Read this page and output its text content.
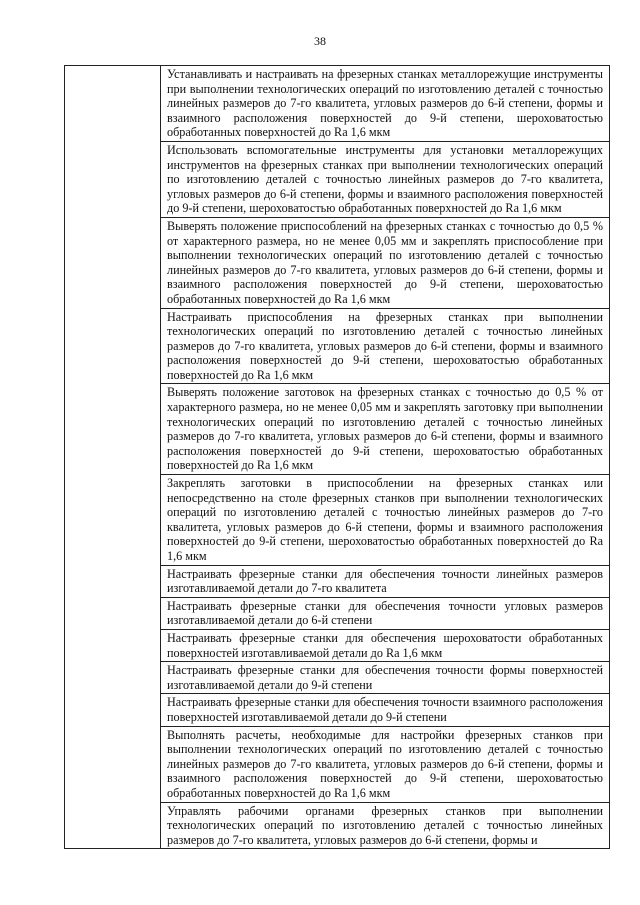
38

Устанавливать и настраивать на фрезерных станках металлорежущие инструменты при выполнении технологических операций по изготовлению деталей с точностью линейных размеров до 7-го квалитета, угловых размеров до 6-й степени, формы и взаимного расположения поверхностей до 9-й степени, шероховатостью обработанных поверхностей до Ra 1,6 мкм

Использовать вспомогательные инструменты для установки металлорежущих инструментов на фрезерных станках при выполнении технологических операций по изготовлению деталей с точностью линейных размеров до 7-го квалитета, угловых размеров до 6-й степени, формы и взаимного расположения поверхностей до 9-й степени, шероховатостью обработанных поверхностей до Ra 1,6 мкм

Выверять положение приспособлений на фрезерных станках с точностью до 0,5 % от характерного размера, но не менее 0,05 мм и закреплять приспособление при выполнении технологических операций по изготовлению деталей с точностью линейных размеров до 7-го квалитета, угловых размеров до 6-й степени, формы и взаимного расположения поверхностей до 9-й степени, шероховатостью обработанных поверхностей до Ra 1,6 мкм

Настраивать приспособления на фрезерных станках при выполнении технологических операций по изготовлению деталей с точностью линейных размеров до 7-го квалитета, угловых размеров до 6-й степени, формы и взаимного расположения поверхностей до 9-й степени, шероховатостью обработанных поверхностей до Ra 1,6 мкм

Выверять положение заготовок на фрезерных станках с точностью до 0,5 % от характерного размера, но не менее 0,05 мм и закреплять заготовку при выполнении технологических операций по изготовлению деталей с точностью линейных размеров до 7-го квалитета, угловых размеров до 6-й степени, формы и взаимного расположения поверхностей до 9-й степени, шероховатостью обработанных поверхностей до Ra 1,6 мкм

Закреплять заготовки в приспособлении на фрезерных станках или непосредственно на столе фрезерных станков при выполнении технологических операций по изготовлению деталей с точностью линейных размеров до 7-го квалитета, угловых размеров до 6-й степени, формы и взаимного расположения поверхностей до 9-й степени, шероховатостью обработанных поверхностей до Ra 1,6 мкм

Настраивать фрезерные станки для обеспечения точности линейных размеров изготавливаемой детали до 7-го квалитета

Настраивать фрезерные станки для обеспечения точности угловых размеров изготавливаемой детали до 6-й степени

Настраивать фрезерные станки для обеспечения шероховатости обработанных поверхностей изготавливаемой детали до Ra 1,6 мкм

Настраивать фрезерные станки для обеспечения точности формы поверхностей изготавливаемой детали до 9-й степени

Настраивать фрезерные станки для обеспечения точности взаимного расположения поверхностей изготавливаемой детали до 9-й степени

Выполнять расчеты, необходимые для настройки фрезерных станков при выполнении технологических операций по изготовлению деталей с точностью линейных размеров до 7-го квалитета, угловых размеров до 6-й степени, формы и взаимного расположения поверхностей до 9-й степени, шероховатостью обработанных поверхностей до Ra 1,6 мкм

Управлять рабочими органами фрезерных станков при выполнении технологических операций по изготовлению деталей с точностью линейных размеров до 7-го квалитета, угловых размеров до 6-й степени, формы и
